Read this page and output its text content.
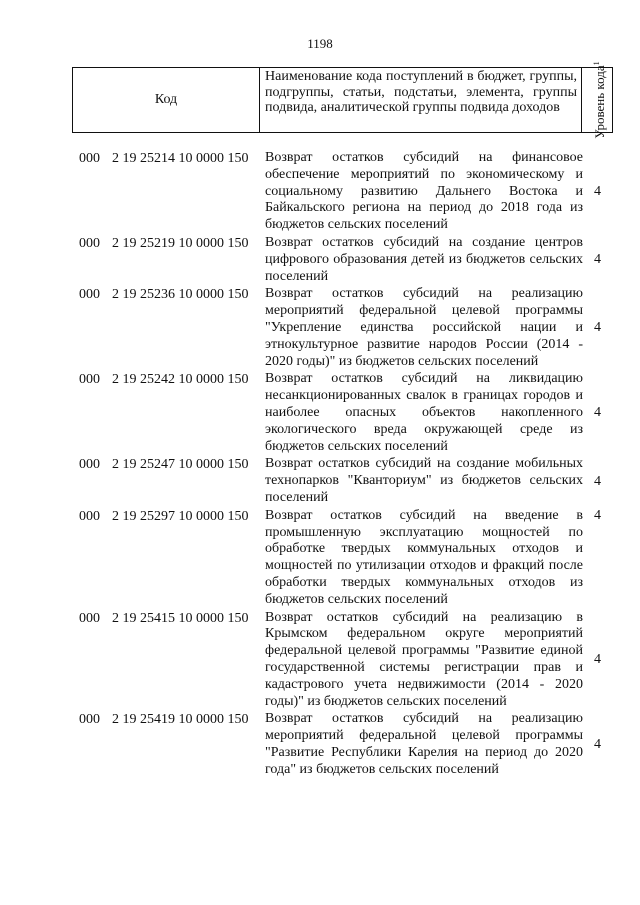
1198
Код
Наименование кода поступлений в бюджет, группы, подгруппы, статьи, подстатьи, элемента, группы подвида, аналитической группы подвида доходов	Уровень кода$^1$
000 2 19 25214 10 0000 150 Возврат остатков субсидий на финансовое обеспечение мероприятий по экономическому и социальному развитию Дальнего Востока и Байкальского региона на период до 2018 года из бюджетов сельских поселений
4
000 2 19 25219 10 0000 150 Возврат остатков субсидий на создание центров цифрового образования детей из бюджетов сельских поселений
4
000 2 19 25236 10 0000 150 Возврат остатков субсидий на реализацию мероприятий федеральной целевой программы "Укрепление единства российской нации и этнокультурное развитие народов России (2014 - 2020 годы)" из бюджетов сельских поселений
4
000 2 19 25242 10 0000 150 Возврат остатков субсидий на ликвидацию несанкционированных свалок в границах городов и наиболее опасных объектов накопленного экологического вреда окружающей среде из бюджетов сельских поселений
4
000 2 19 25247 10 0000 150 Возврат остатков субсидий на создание мобильных технопарков "Кванториум" из бюджетов сельских поселений
4
000 2 19 25297 10 0000 150 Возврат остатков субсидий на введение в промышленную эксплуатацию мощностей по обработке твердых коммунальных отходов и мощностей по утилизации отходов и фракций после обработки твердых коммунальных отходов из бюджетов сельских поселений
4
000 2 19 25415 10 0000 150 Возврат остатков субсидий на реализацию в Крымском федеральном округе мероприятий федеральной целевой программы "Развитие единой государственной системы регистрации прав и кадастрового учета недвижимости (2014 - 2020 годы)" из бюджетов сельских поселений
4
000 2 19 25419 10 0000 150 Возврат остатков субсидий на реализацию мероприятий федеральной целевой программы "Развитие Республики Карелия на период до 2020 года" из бюджетов сельских поселений
4
